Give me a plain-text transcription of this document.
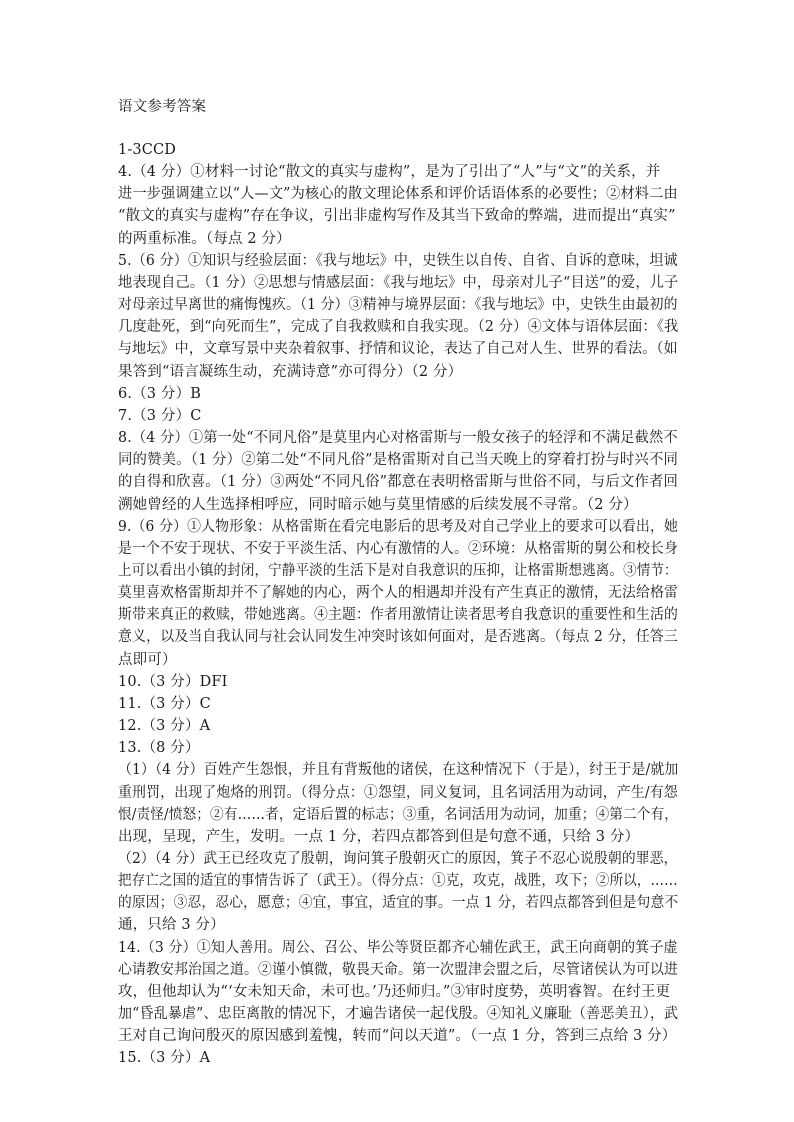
语文参考答案
1-3CCD
4.（4 分）①材料一讨论“散文的真实与虚构”，是为了引出了“人”与“文”的关系，并
进一步强调建立以“人—文”为核心的散文理论体系和评价话语体系的必要性；②材料二由
“散文的真实与虚构”存在争议，引出非虚构写作及其当下致命的弊端，进而提出“真实”
的两重标准。（每点 2 分）
5.（6 分）①知识与经验层面：《我与地坛》中，史铁生以自传、自省、自诉的意味，坦诚
地表现自己。（1 分）②思想与情感层面：《我与地坛》中，母亲对儿子“目送”的爱，儿子
对母亲过早离世的痛悔愧疚。（1 分）③精神与境界层面：《我与地坛》中，史铁生由最初的
几度赴死，到“向死而生”，完成了自我救赎和自我实现。（2 分）④文体与语体层面：《我
与地坛》中，文章写景中夹杂着叙事、抒情和议论，表达了自己对人生、世界的看法。（如
果答到“语言凝练生动，充满诗意”亦可得分）（2 分）
6.（3 分）B
7.（3 分）C
8.（4 分）①第一处“不同凡俗”是莫里内心对格雷斯与一般女孩子的轻浮和不满足截然不
同的赞美。（1 分）②第二处“不同凡俗”是格雷斯对自己当天晚上的穿着打扮与时兴不同
的自得和欣喜。（1 分）③两处“不同凡俗”都意在表明格雷斯与世俗不同，与后文作者回
溯她曾经的人生选择相呼应，同时暗示她与莫里情感的后续发展不寻常。（2 分）
9.（6 分）①人物形象：从格雷斯在看完电影后的思考及对自己学业上的要求可以看出，她
是一个不安于现状、不安于平淡生活、内心有激情的人。②环境：从格雷斯的舅公和校长身
上可以看出小镇的封闭，宁静平淡的生活下是对自我意识的压抑，让格雷斯想逃离。③情节：
莫里喜欢格雷斯却并不了解她的内心，两个人的相遇却并没有产生真正的激情，无法给格雷
斯带来真正的救赎，带她逃离。④主题：作者用激情让读者思考自我意识的重要性和生活的
意义，以及当自我认同与社会认同发生冲突时该如何面对，是否逃离。（每点 2 分，任答三
点即可）
10.（3 分）DFI
11.（3 分）C
12.（3 分）A
13.（8 分）
（1）（4 分）百姓产生怨恨，并且有背叛他的诸侯，在这种情况下（于是），纣王于是/就加
重刑罚，出现了炮烙的刑罚。（得分点：①怨望，同义复词，且名词活用为动词，产生/有怨
恨/责怪/愤怒；②有……者，定语后置的标志；③重，名词活用为动词，加重；④第二个有，
出现，呈现，产生，发明。一点 1 分，若四点都答到但是句意不通，只给 3 分）
（2）（4 分）武王已经攻克了殷朝，询问箕子殷朝灭亡的原因，箕子不忍心说殷朝的罪恶，
把存亡之国的适宜的事情告诉了（武王）。（得分点：①克，攻克，战胜，攻下；②所以，……
的原因；③忍，忍心，愿意；④宜，事宜，适宜的事。一点 1 分，若四点都答到但是句意不
通，只给 3 分）
14.（3 分）①知人善用。周公、召公、毕公等贤臣都齐心辅佐武王，武王向商朝的箕子虚
心请教安邦治国之道。②谨小慎微，敬畏天命。第一次盟津会盟之后，尽管诸侯认为可以进
攻，但他却认为“‘女未知天命，未可也。’乃还师归。”③审时度势，英明睿智。在纣王更
加“昏乱暴虐”、忠臣离散的情况下，才遍告诸侯一起伐殷。④知礼义廉耻（善恶美丑），武
王对自己询问殷灭的原因感到羞愧，转而“问以天道”。（一点 1 分，答到三点给 3 分）
15.（3 分）A
